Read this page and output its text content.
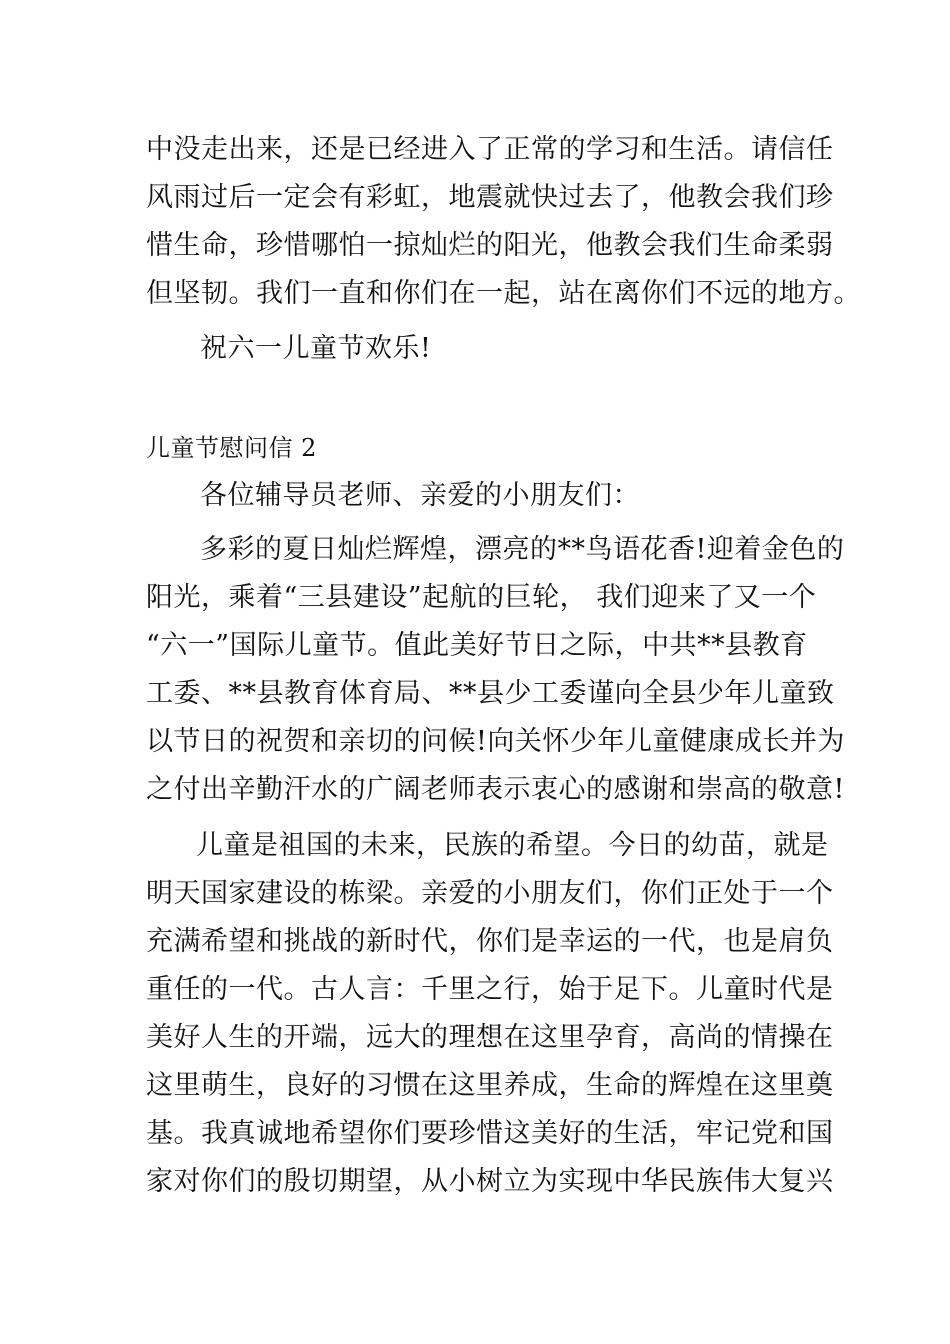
中没走出来，还是已经进入了正常的学习和生活。请信任
风雨过后一定会有彩虹，地震就快过去了，他教会我们珍
惜生命，珍惜哪怕一掠灿烂的阳光，他教会我们生命柔弱
但坚韧。我们一直和你们在一起，站在离你们不远的地方。
祝六一儿童节欢乐!
儿童节慰问信 2
各位辅导员老师、亲爱的小朋友们：
多彩的夏日灿烂辉煌，漂亮的**鸟语花香!迎着金色的
阳光，乘着“三县建设”起航的巨轮， 我们迎来了又一个
“六一”国际儿童节。值此美好节日之际，中共**县教育
工委、**县教育体育局、**县少工委谨向全县少年儿童致
以节日的祝贺和亲切的问候!向关怀少年儿童健康成长并为
之付出辛勤汗水的广阔老师表示衷心的感谢和崇高的敬意!
儿童是祖国的未来，民族的希望。今日的幼苗，就是
明天国家建设的栋梁。亲爱的小朋友们，你们正处于一个
充满希望和挑战的新时代，你们是幸运的一代，也是肩负
重任的一代。古人言：千里之行，始于足下。儿童时代是
美好人生的开端，远大的理想在这里孕育，高尚的情操在
这里萌生，良好的习惯在这里养成，生命的辉煌在这里奠
基。我真诚地希望你们要珍惜这美好的生活，牢记党和国
家对你们的殷切期望，从小树立为实现中华民族伟大复兴
